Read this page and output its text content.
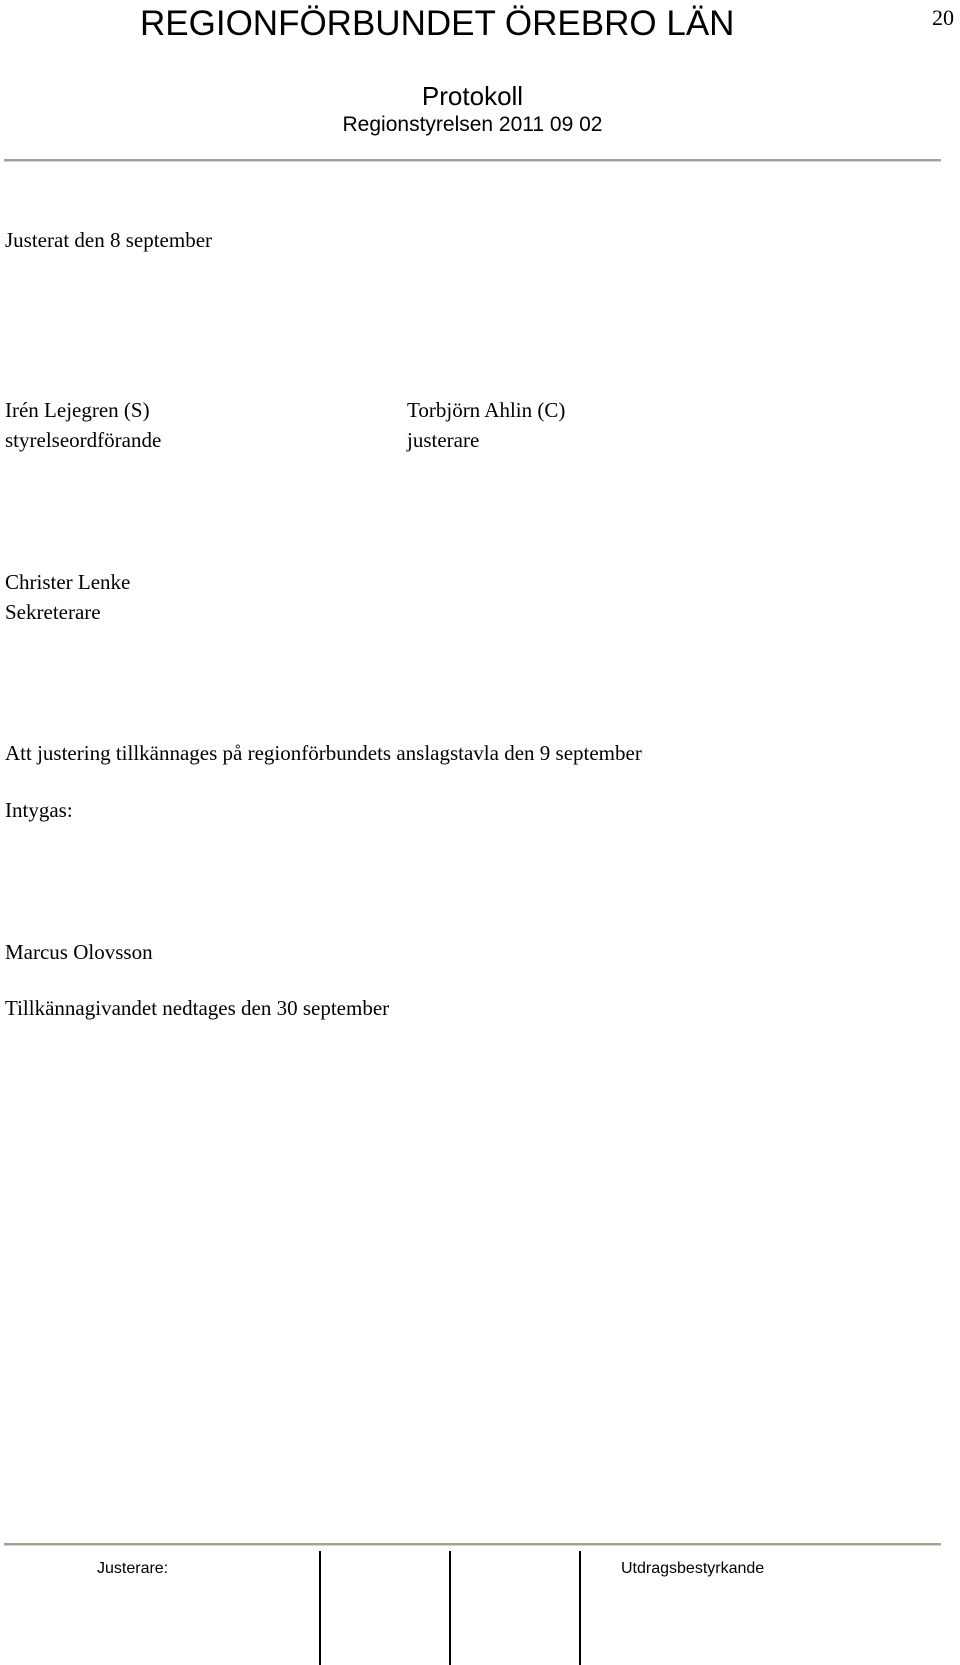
REGIONFÖRBUNDET ÖREBRO LÄN	20
Protokoll
Regionstyrelsen 2011 09 02
Justerat den 8 september
Irén Lejegren (S)
styrelseordförande
Torbjörn Ahlin (C)
justerare
Christer Lenke
Sekreterare
Att justering tillkännages på regionförbundets anslagstavla den 9 september
Intygas:
Marcus Olovsson
Tillkännagivandet nedtages den 30 september
Justerare:	Utdragsbestyrkande
